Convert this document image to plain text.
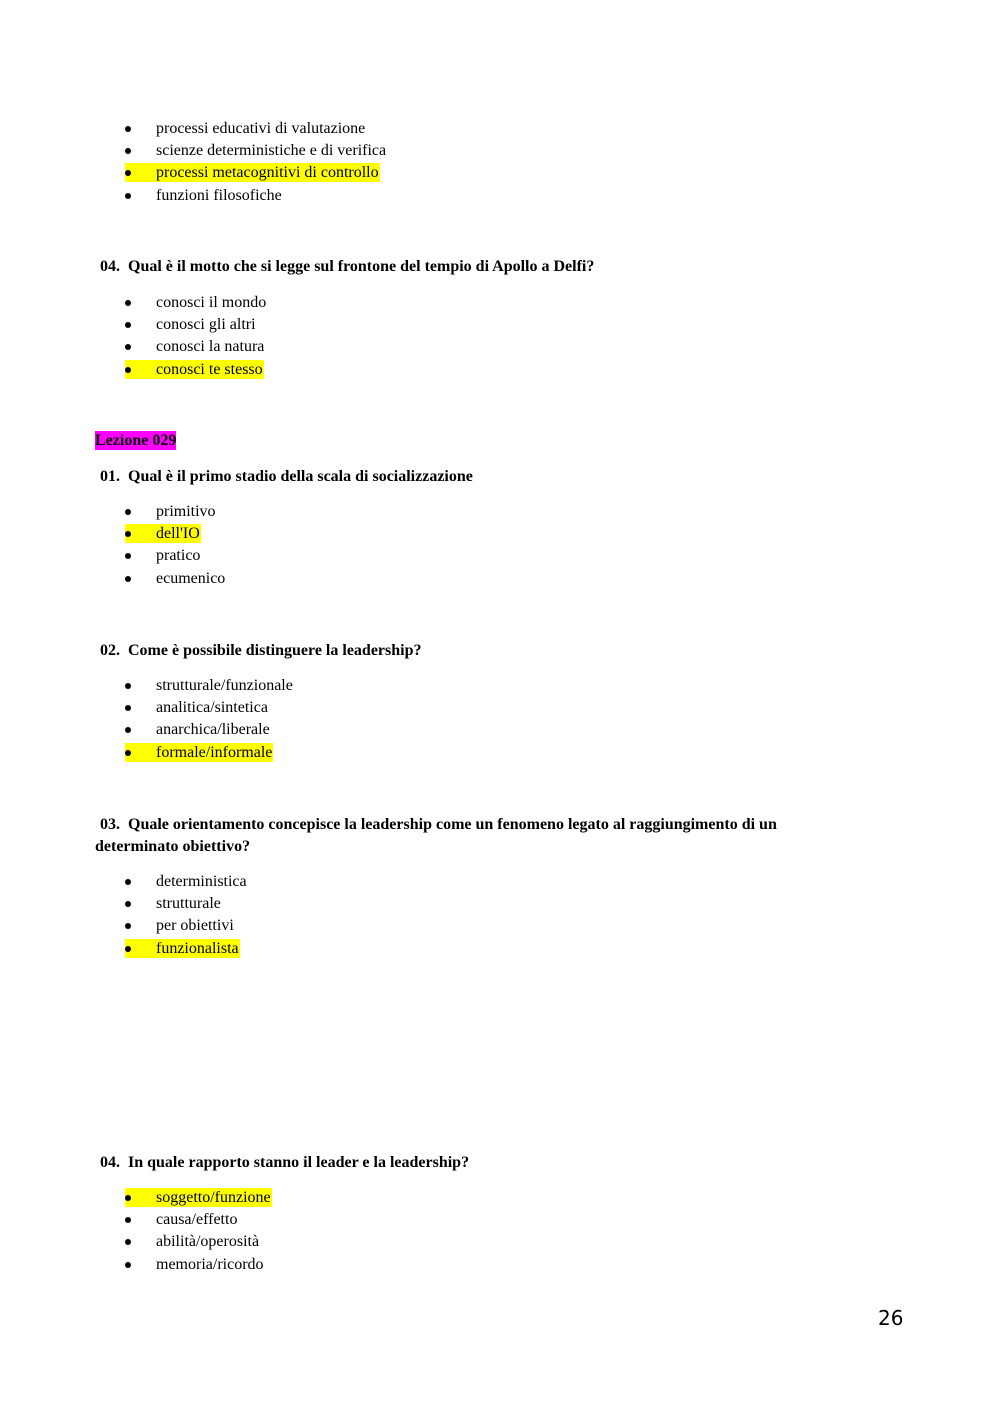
processi educativi di valutazione
scienze deterministiche e di verifica
processi metacognitivi di controllo
funzioni filosofiche

04. Qual è il motto che si legge sul frontone del tempio di Apollo a Delfi?

conosci il mondo
conosci gli altri
conosci la natura
conosci te stesso
Lezione 029

01. Qual è il primo stadio della scala di socializzazione

primitivo
dell'IO
pratico
ecumenico

02. Come è possibile distinguere la leadership?

strutturale/funzionale
analitica/sintetica
anarchica/liberale
formale/informale

03. Quale orientamento concepisce la leadership come un fenomeno legato al raggiungimento di un determinato obiettivo?

deterministica
strutturale
per obiettivi
funzionalista

04. In quale rapporto stanno il leader e la leadership?

soggetto/funzione
causa/effetto
abilità/operosità
memoria/ricordo
26
